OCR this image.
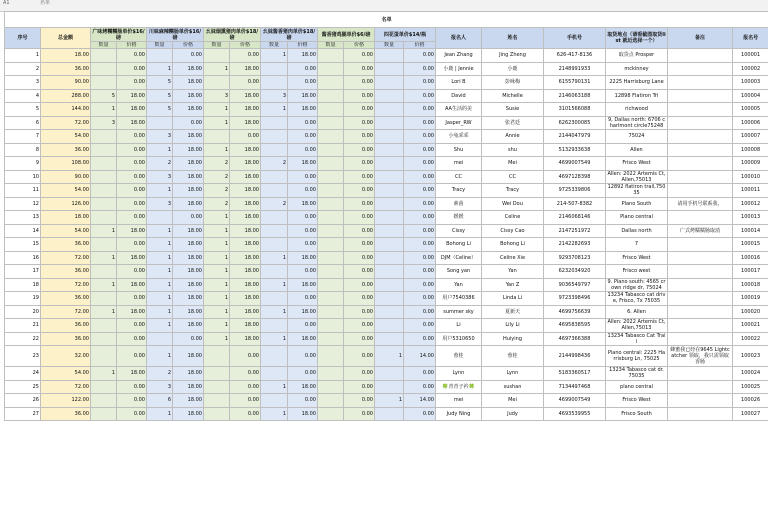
A1	名单
名单																			
序号	总金额	广味烤糯糯肠单价$16/磅		川味麻辣糯肠单价$16/磅		幺妹烟熏猪肉单价$18/磅		幺妹酱香猪肉单价$18/磅		酱香猪鸡腿单价$6/磅		四花蛋单价$14/瓶		报名人	姓名	手机号	取货地点（请看截图取货list 就近选择一个）	备注	报名号
		数量	价格	数量	价格	数量	价格	数量	价格	数量	价格	数量	价格						
1	18.00		0.00		0.00		0.00	1	18.00		0.00		0.00	Jean Zhang	Jing Zheng	626-417-8136	取货点 Prosper		100001
2	36.00		0.00	1	18.00	1	18.00		0.00		0.00		0.00	小鹿 | Jennie	小鹿	2148991933	mckinney		100002
3	90.00		0.00	5	18.00		0.00		0.00		0.00		0.00	Lori B	彭咏梅	6155790131	2225 Harrisburg Lane		100003
4	288.00	5	18.00	5	18.00	3	18.00	3	18.00		0.00		0.00	David	Michelle	2146063188	12898 Flatiron Trl		100004
5	144.00	1	18.00	5	18.00	1	18.00	1	18.00		0.00		0.00	AA生活的美	Susie	3101566088	richwood		100005
6	72.00	3	18.00		0.00	1	18.00		0.00		0.00		0.00	Jasper_RW	张君廷	6262300085	9, Dallas north: 6706 charlmont circle75248		100006
7	54.00		0.00	3	18.00		0.00		0.00		0.00		0.00	小兔乖乖	Annie	2144047979	75024		100007
8	36.00		0.00	1	18.00	1	18.00		0.00		0.00		0.00	Shu	shu	5132933638	Allen		100008
9	108.00		0.00	2	18.00	2	18.00	2	18.00		0.00		0.00	mei	Mei	4699007549	Frisco West		100009
10	90.00		0.00	3	18.00	2	18.00		0.00		0.00		0.00	CC	CC	4697128398	Allen: 2022 Artemis Ct,Allen,75013		100010
11	54.00		0.00	1	18.00	2	18.00		0.00		0.00		0.00	Tracy	Tracy	9725339806	12892 flatiron trail,75035		100011
12	126.00		0.00	3	18.00	2	18.00	2	18.00		0.00		0.00	素茵	Wei Dou	214-507-8382	Plano South	请用手机号联系我，	100012
13	18.00		0.00		0.00	1	18.00		0.00		0.00		0.00	媛媛	Celine	2146068146	Plano central		100013
14	54.00	1	18.00	1	18.00	1	18.00		0.00		0.00		0.00	Cissy	Cissy Cao	2147251972	Dallas north	广式烤糯糯肠取消	100014
15	36.00		0.00	1	18.00	1	18.00		0.00		0.00		0.00	Bohong Li	Bohong Li	2142282693	7		100015
16	72.00	1	18.00	1	18.00	1	18.00	1	18.00		0.00		0.00	DJM（Celine）	Celine Xie	9293708123	Frisco West		100016
17	36.00		0.00	1	18.00	1	18.00		0.00		0.00		0.00	Song yan	Yan	6232034920	Frisco west		100017
18	72.00	1	18.00	1	18.00	1	18.00	1	18.00		0.00		0.00	Yan	Yan Z	9036549797	9. Plano south: 4565 crown ridge dr, 75024		100018
19	36.00		0.00	1	18.00	1	18.00		0.00		0.00		0.00	用户7540386	Linda Li	9723398496	13234 Tabasco cat drive, Frisco, Tx 75035		100019
20	72.00	1	18.00	1	18.00	1	18.00	1	18.00		0.00		0.00	summer sky	夏新天	4699756639	6. Allen		100020
21	36.00		0.00	1	18.00	1	18.00		0.00		0.00		0.00	Li	Lily Li	4695838595	Allen: 2022 Artemis Ct,Allen,75013		100021
22	36.00		0.00		0.00	1	18.00	1	18.00		0.00		0.00	用户5310650	Huiying	4697366388	13234 Tabasco Cat Trail		100022
23	32.00		0.00	1	18.00		0.00		0.00		0.00	1	14.00	蓉桂	蓉桂	2144998436	Plano central: 2225 Harrisburg Ln, 75025	蜂蜜我已经在9645 Lightcatcher 领取，我只需领取香肠	100023
24	54.00	1	18.00	2	18.00		0.00		0.00		0.00		0.00	Lynn	Lynn	5183360517	13234 Tabasco cat dr. 75035		100024
25	72.00		0.00	3	18.00		0.00	1	18.00		0.00		0.00	🍀青青子衿🍀	sushan	7134497468	plano central		100025
26	122.00		0.00	6	18.00		0.00		0.00		0.00	1	14.00	mei	Mei	4699007549	Frisco West		100026
27	36.00		0.00	1	18.00		0.00	1	18.00		0.00		0.00	Judy Ning	Judy	4693539955	Frisco South		100027
